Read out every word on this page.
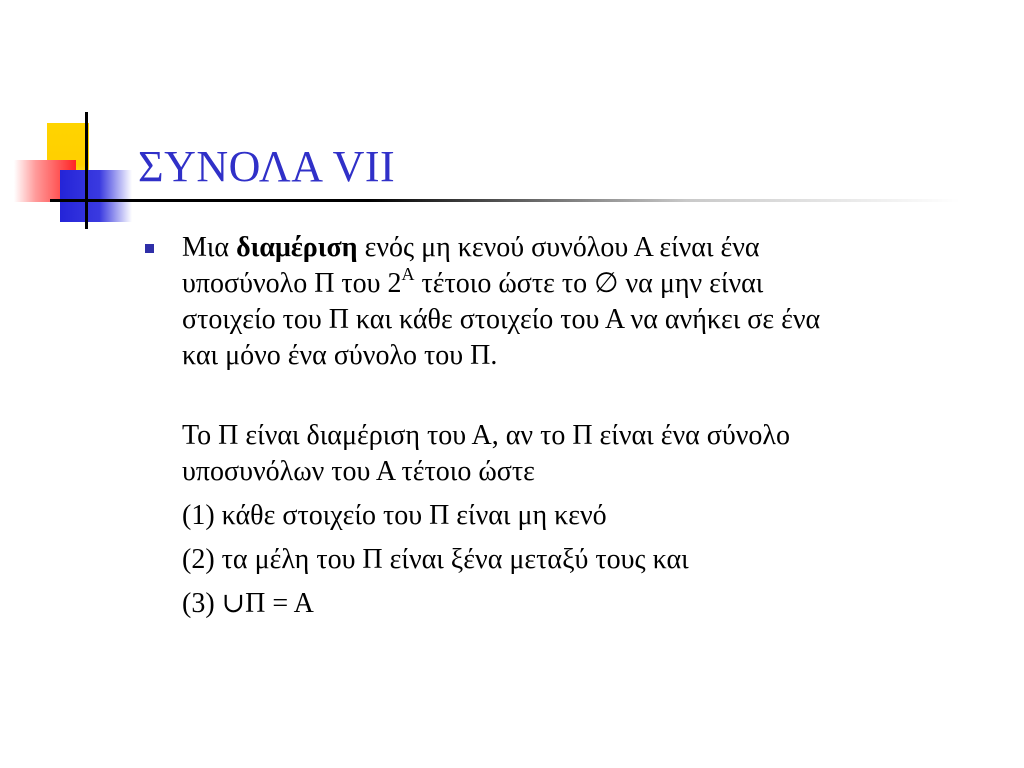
ΣΥΝΟΛΑ VII

Μια διαμέριση ενός μη κενού συνόλου Α είναι ένα
υποσύνολο Π του $2^A$ τέτοιο ώστε το ∅ να μην είναι
στοιχείο του Π και κάθε στοιχείο του Α να ανήκει σε ένα
και μόνο ένα σύνολο του Π.

Το Π είναι διαμέριση του Α, αν το Π είναι ένα σύνολο
υποσυνόλων του Α τέτοιο ώστε

(1) κάθε στοιχείο του Π είναι μη κενό

(2) τα μέλη του Π είναι ξένα μεταξύ τους και

(3) ∪Π = Α
